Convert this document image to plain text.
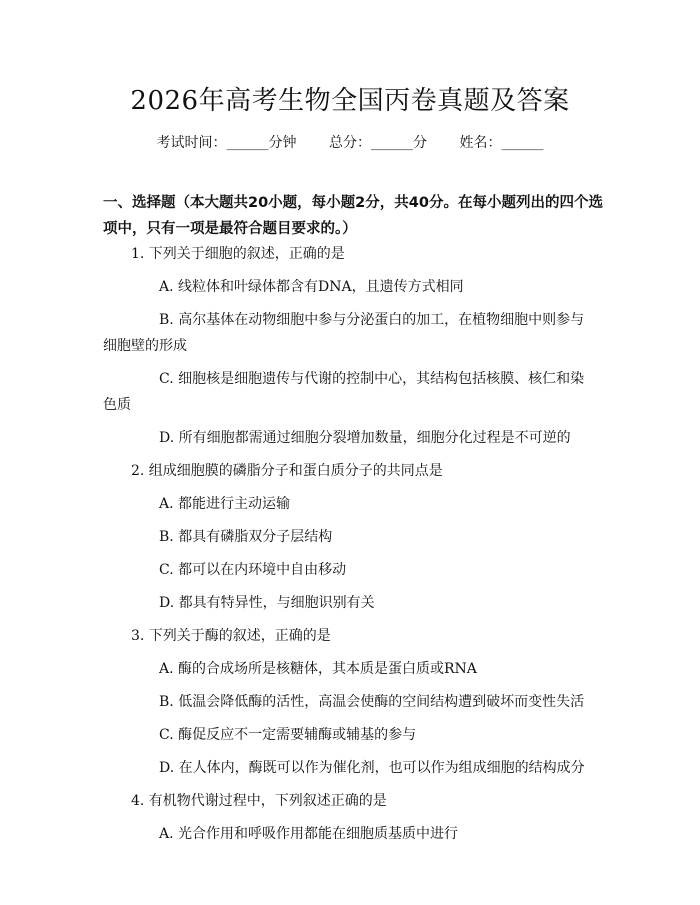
2026年高考生物全国丙卷真题及答案
考试时间：______分钟 总分：______分 姓名：______
一、选择题（本大题共20小题，每小题2分，共40分。在每小题列出的四个选项中，只有一项是最符合题目要求的。）

1. 下列关于细胞的叙述，正确的是

A. 线粒体和叶绿体都含有DNA，且遗传方式相同

B. 高尔基体在动物细胞中参与分泌蛋白的加工，在植物细胞中则参与细胞壁的形成

C. 细胞核是细胞遗传与代谢的控制中心，其结构包括核膜、核仁和染色质

D. 所有细胞都需通过细胞分裂增加数量，细胞分化过程是不可逆的

2. 组成细胞膜的磷脂分子和蛋白质分子的共同点是

A. 都能进行主动运输

B. 都具有磷脂双分子层结构

C. 都可以在内环境中自由移动

D. 都具有特异性，与细胞识别有关

3. 下列关于酶的叙述，正确的是

A. 酶的合成场所是核糖体，其本质是蛋白质或RNA

B. 低温会降低酶的活性，高温会使酶的空间结构遭到破坏而变性失活

C. 酶促反应不一定需要辅酶或辅基的参与

D. 在人体内，酶既可以作为催化剂，也可以作为组成细胞的结构成分

4. 有机物代谢过程中，下列叙述正确的是

A. 光合作用和呼吸作用都能在细胞质基质中进行
